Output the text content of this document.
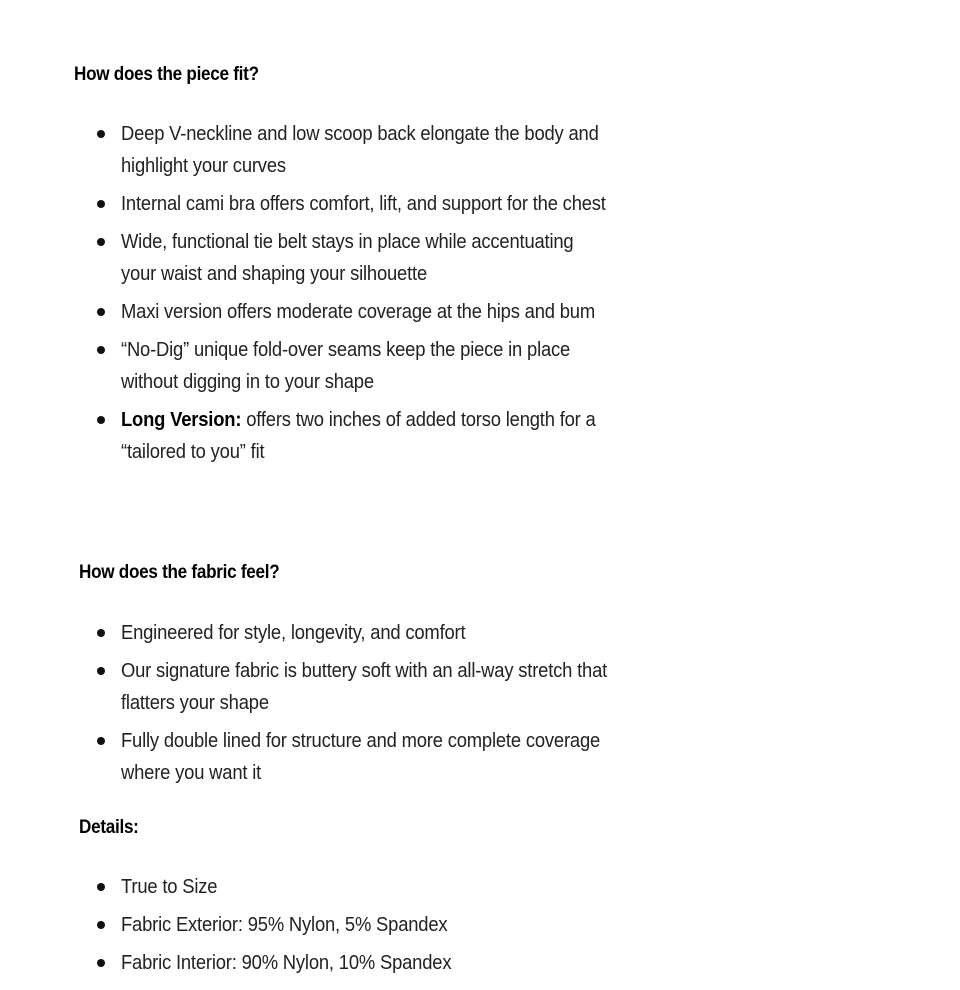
How does the piece fit?
Deep V-neckline and low scoop back elongate the body and highlight your curves
Internal cami bra offers comfort, lift, and support for the chest
Wide, functional tie belt stays in place while accentuating your waist and shaping your silhouette
Maxi version offers moderate coverage at the hips and bum
“No-Dig” unique fold-over seams keep the piece in place without digging in to your shape
Long Version: offers two inches of added torso length for a “tailored to you” fit
How does the fabric feel?
Engineered for style, longevity, and comfort
Our signature fabric is buttery soft with an all-way stretch that flatters your shape
Fully double lined for structure and more complete coverage where you want it
Details:
True to Size
Fabric Exterior: 95% Nylon, 5% Spandex
Fabric Interior: 90% Nylon, 10% Spandex
